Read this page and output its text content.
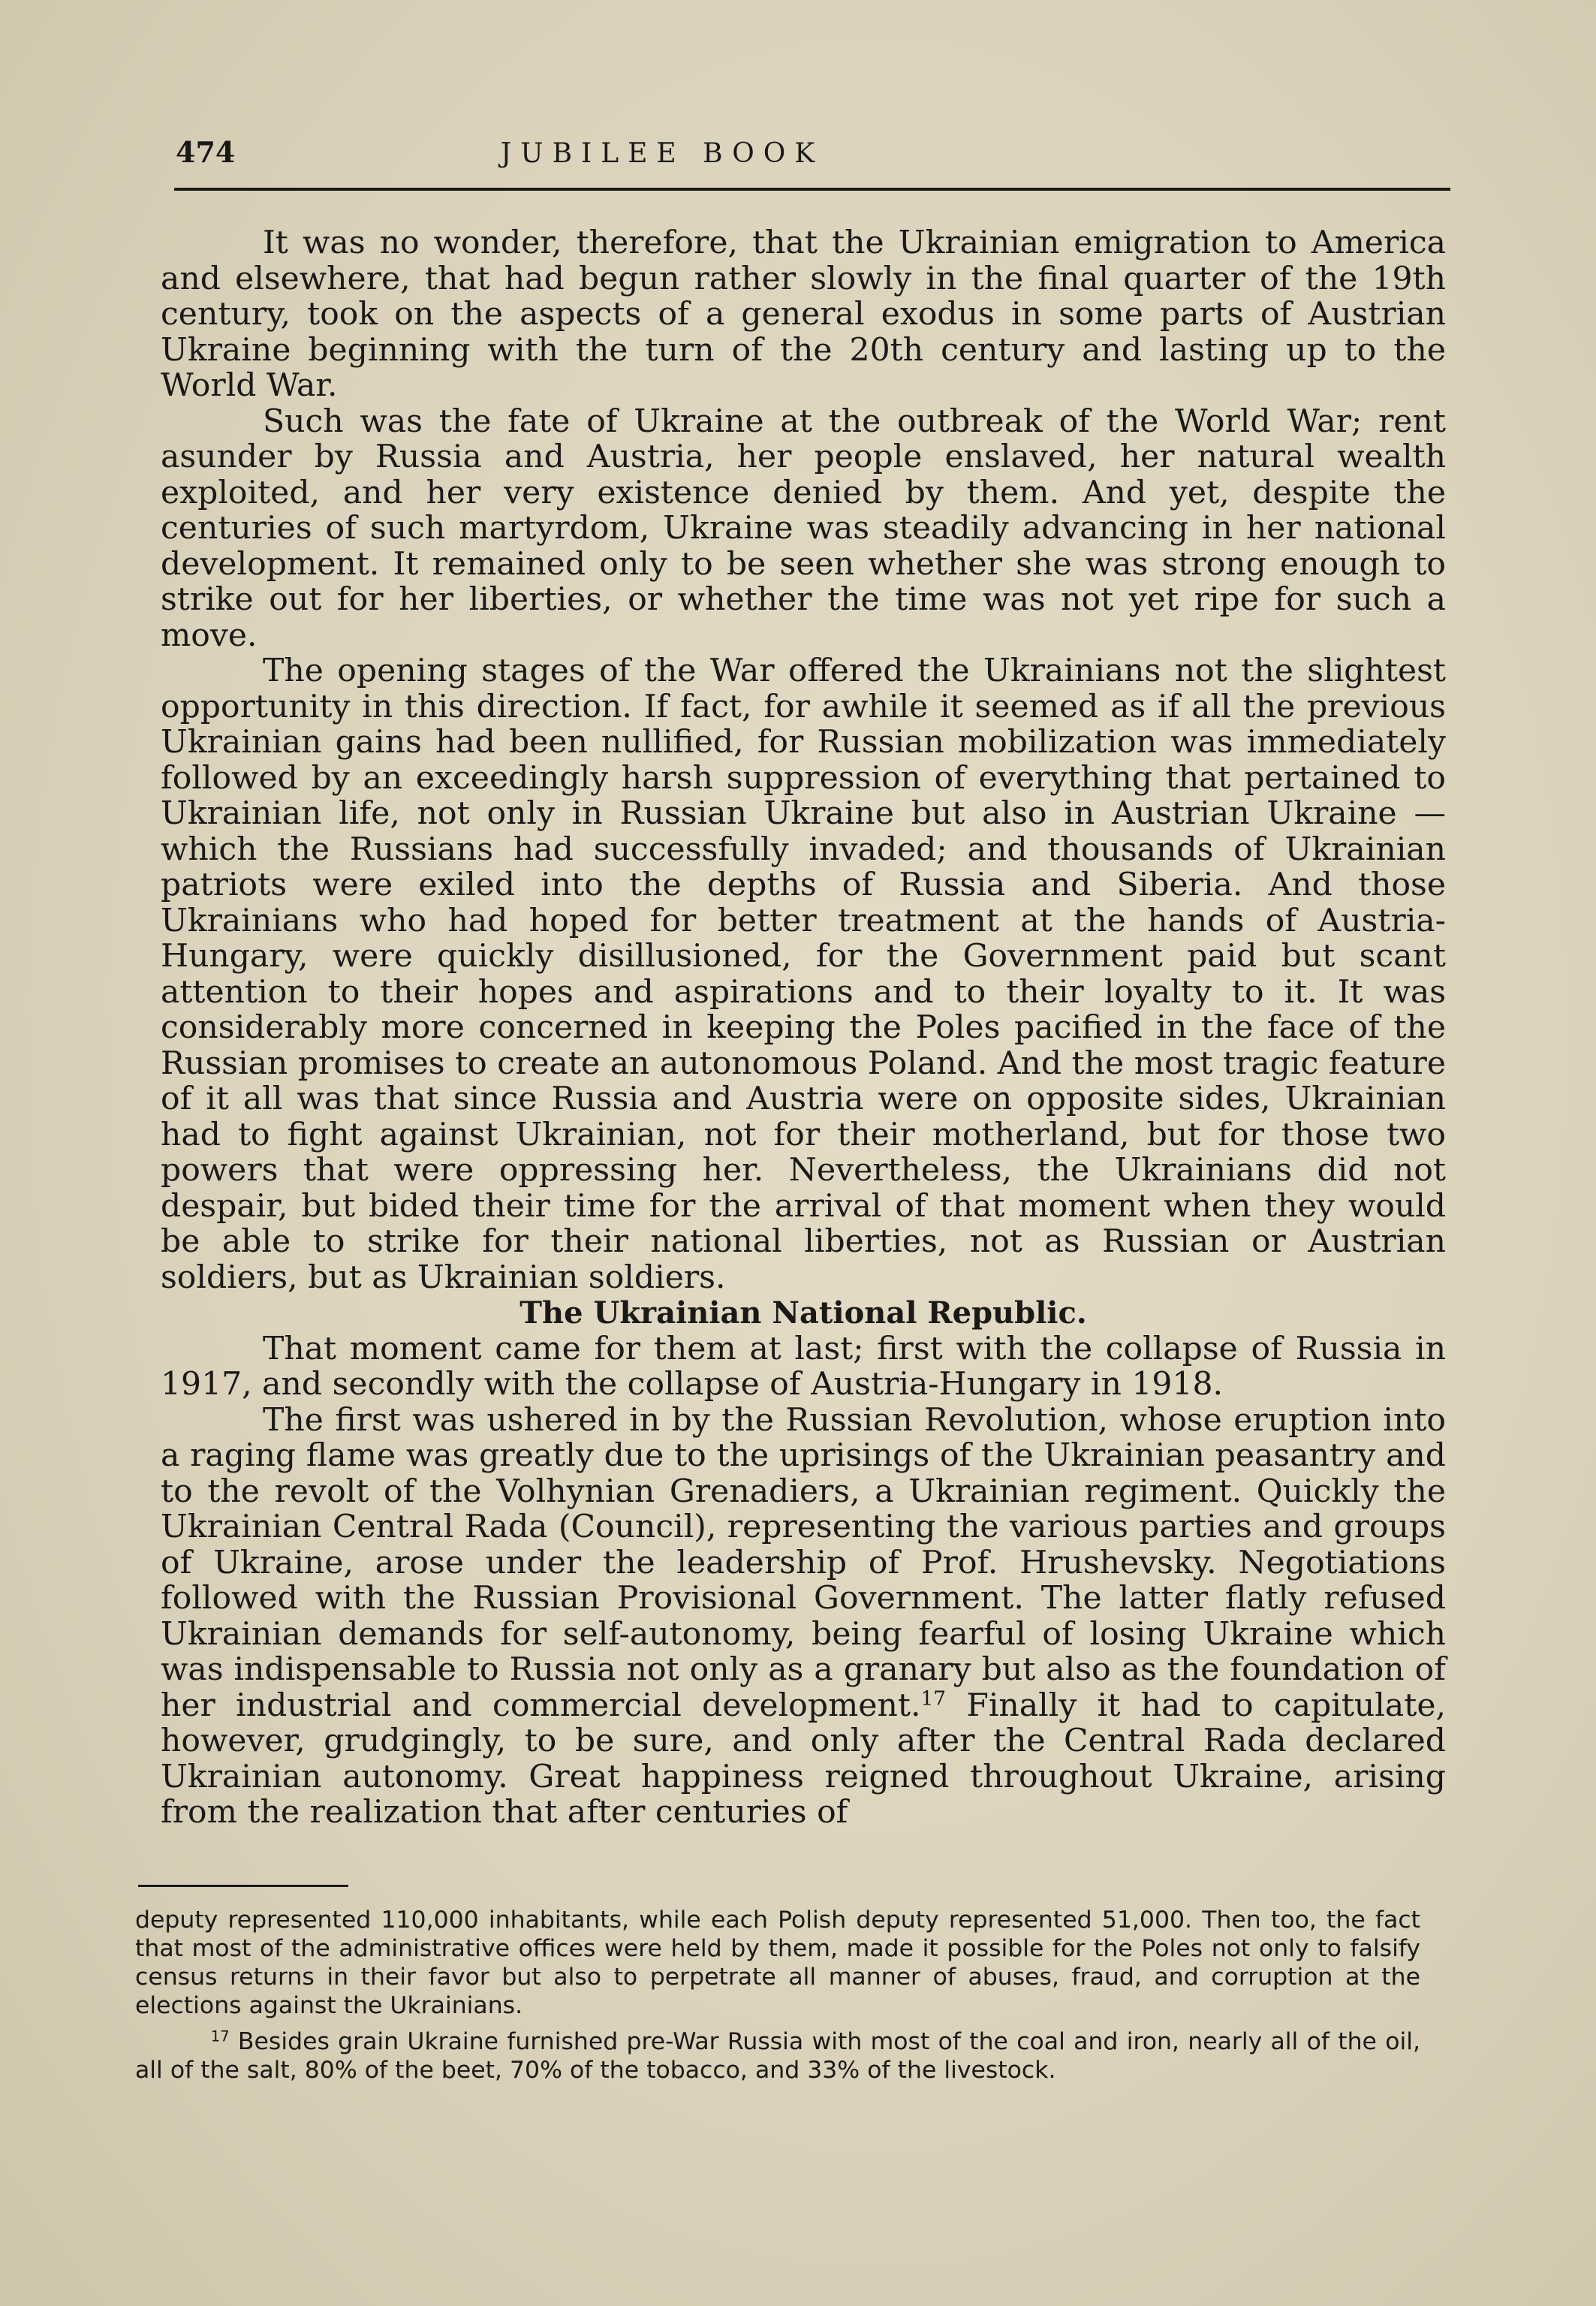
474	JUBILEE BOOK

It was no wonder, therefore, that the Ukrainian emigration to America and elsewhere, that had begun rather slowly in the final quarter of the 19th century, took on the aspects of a general exodus in some parts of Austrian Ukraine beginning with the turn of the 20th century and lasting up to the World War.

Such was the fate of Ukraine at the outbreak of the World War; rent asunder by Russia and Austria, her people enslaved, her natural wealth exploited, and her very existence denied by them. And yet, despite the centuries of such martyrdom, Ukraine was steadily advancing in her national development. It remained only to be seen whether she was strong enough to strike out for her liberties, or whether the time was not yet ripe for such a move.

The opening stages of the War offered the Ukrainians not the slightest opportunity in this direction. If fact, for awhile it seemed as if all the previous Ukrainian gains had been nullified, for Russian mobilization was immediately followed by an exceedingly harsh suppression of everything that pertained to Ukrainian life, not only in Russian Ukraine but also in Austrian Ukraine — which the Russians had successfully invaded; and thousands of Ukrainian patriots were exiled into the depths of Russia and Siberia. And those Ukrainians who had hoped for better treatment at the hands of Austria-Hungary, were quickly disillusioned, for the Government paid but scant attention to their hopes and aspirations and to their loyalty to it. It was considerably more concerned in keeping the Poles pacified in the face of the Russian promises to create an autonomous Poland. And the most tragic feature of it all was that since Russia and Austria were on opposite sides, Ukrainian had to fight against Ukrainian, not for their motherland, but for those two powers that were oppressing her. Nevertheless, the Ukrainians did not despair, but bided their time for the arrival of that moment when they would be able to strike for their national liberties, not as Russian or Austrian soldiers, but as Ukrainian soldiers.

The Ukrainian National Republic.

That moment came for them at last; first with the collapse of Russia in 1917, and secondly with the collapse of Austria-Hungary in 1918.

The first was ushered in by the Russian Revolution, whose eruption into a raging flame was greatly due to the uprisings of the Ukrainian peasantry and to the revolt of the Volhynian Grenadiers, a Ukrainian regiment. Quickly the Ukrainian Central Rada (Council), representing the various parties and groups of Ukraine, arose under the leadership of Prof. Hrushevsky. Negotiations followed with the Russian Provisional Government. The latter flatly refused Ukrainian demands for self-autonomy, being fearful of losing Ukraine which was indispensable to Russia not only as a granary but also as the foundation of her industrial and commercial development.$^{17}$ Finally it had to capitulate, however, grudgingly, to be sure, and only after the Central Rada declared Ukrainian autonomy. Great happiness reigned throughout Ukraine, arising from the realization that after centuries of

deputy represented 110,000 inhabitants, while each Polish deputy represented 51,000. Then too, the fact that most of the administrative offices were held by them, made it possible for the Poles not only to falsify census returns in their favor but also to perpetrate all manner of abuses, fraud, and corruption at the elections against the Ukrainians.

$^{17}$ Besides grain Ukraine furnished pre-War Russia with most of the coal and iron, nearly all of the oil, all of the salt, 80% of the beet, 70% of the tobacco, and 33% of the livestock.
